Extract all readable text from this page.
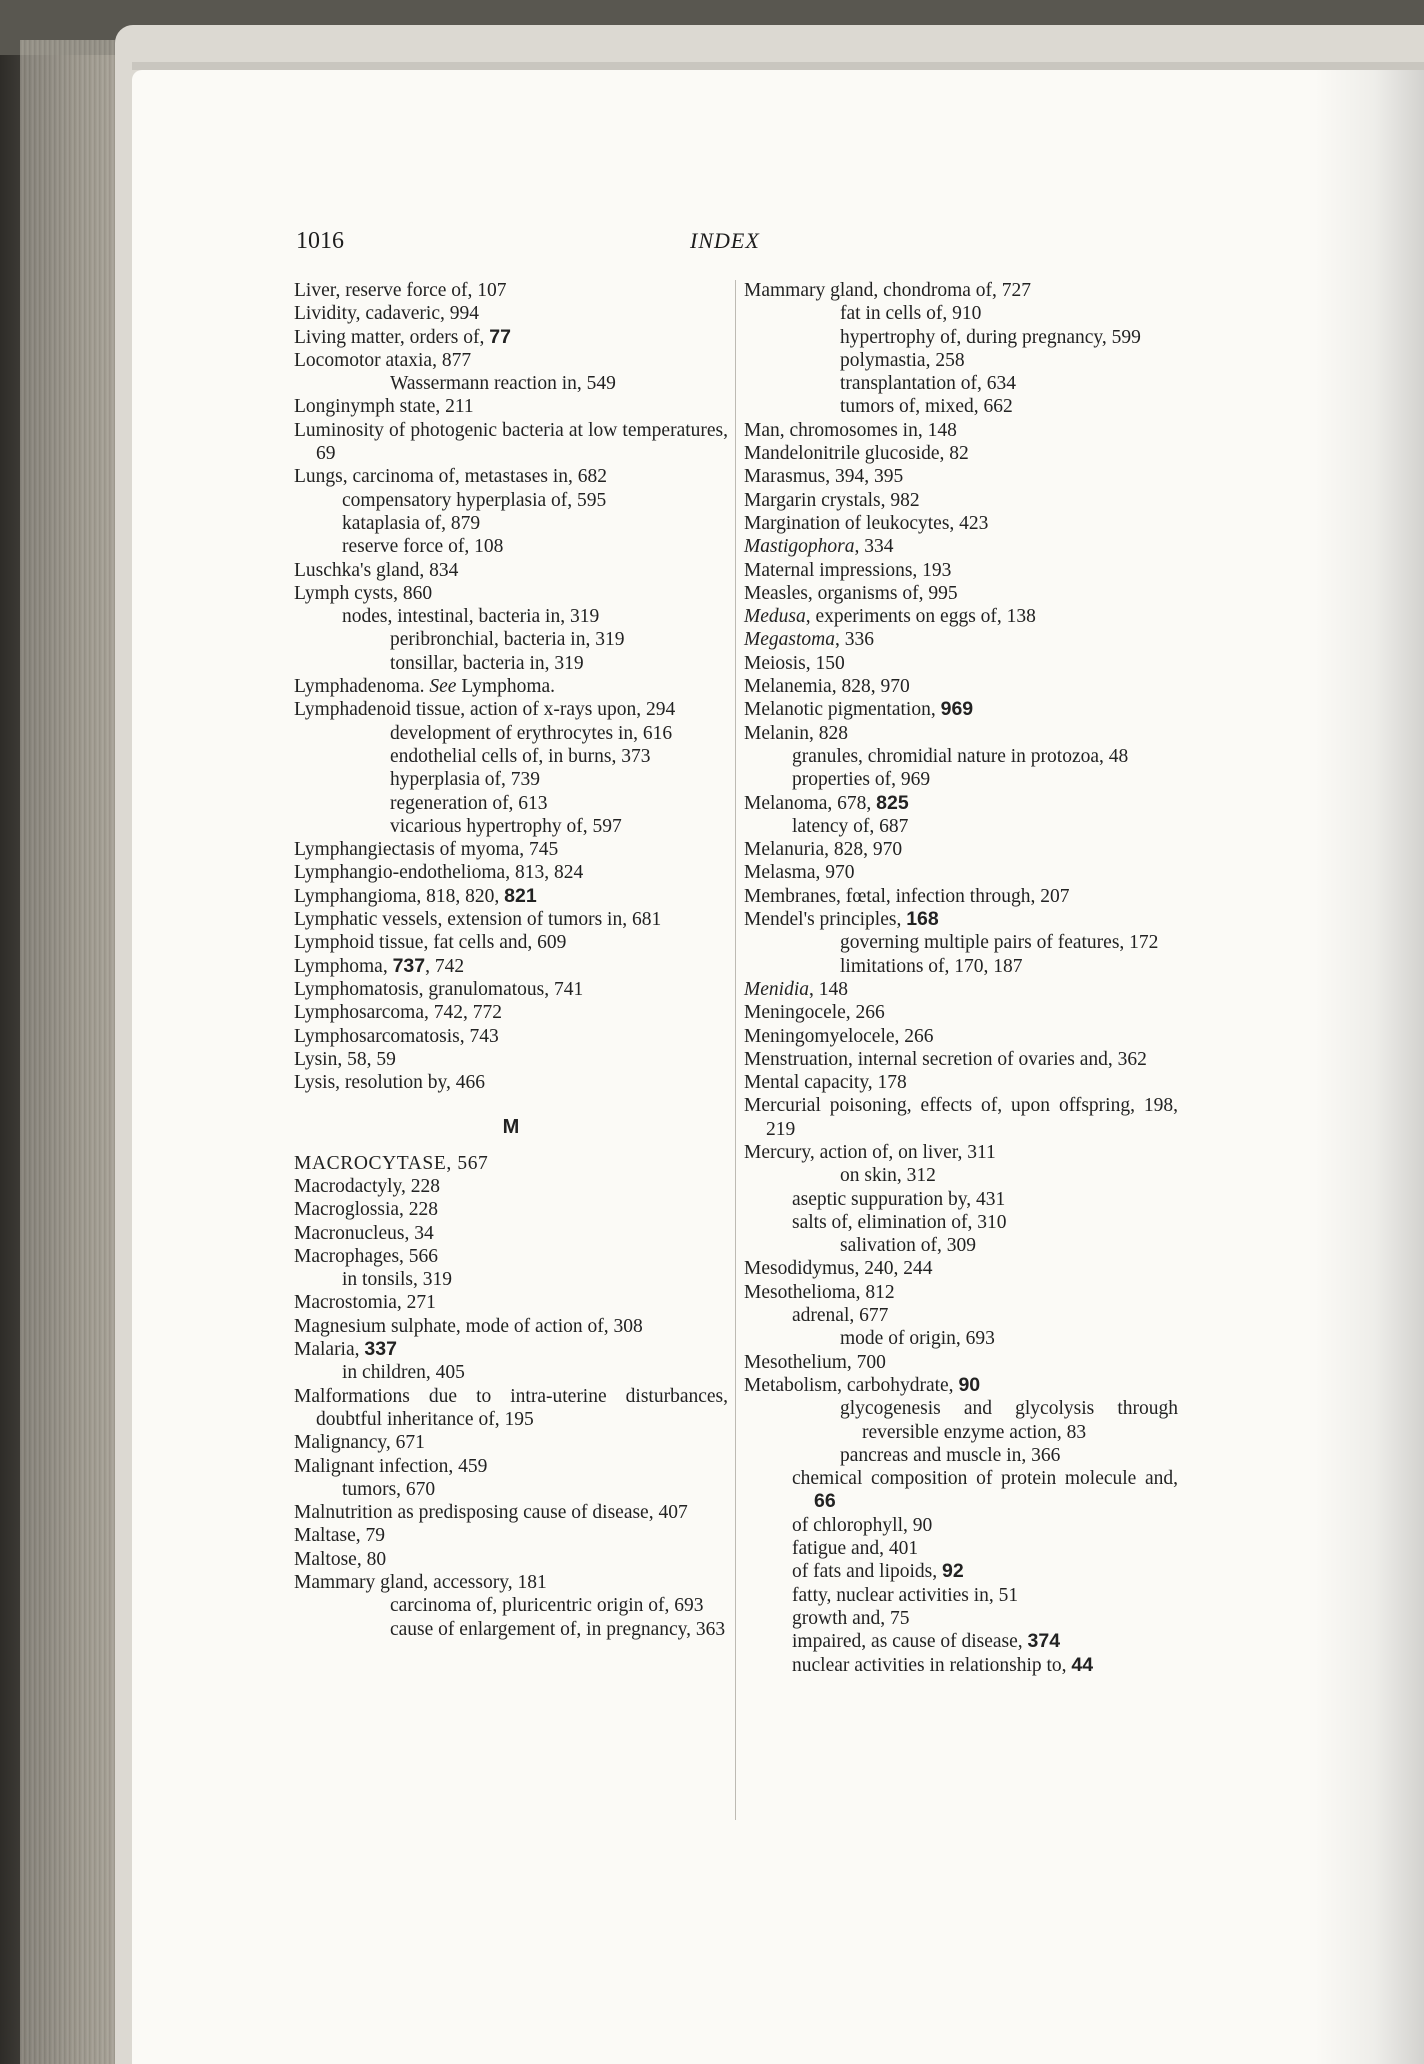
1016	INDEX
Liver, reserve force of, 107
Lividity, cadaveric, 994
Living matter, orders of, 77
Locomotor ataxia, 877
Wassermann reaction in, 549
Longinymph state, 211
Luminosity of photogenic bacteria at low temperatures, 69
Lungs, carcinoma of, metastases in, 682
compensatory hyperplasia of, 595
kataplasia of, 879
reserve force of, 108
Luschka's gland, 834
Lymph cysts, 860
nodes, intestinal, bacteria in, 319
peribronchial, bacteria in, 319
tonsillar, bacteria in, 319
Lymphadenoma. See Lymphoma.
Lymphadenoid tissue, action of x-rays upon, 294
development of erythrocytes in, 616
endothelial cells of, in burns, 373
hyperplasia of, 739
regeneration of, 613
vicarious hypertrophy of, 597
Lymphangiectasis of myoma, 745
Lymphangio-endothelioma, 813, 824
Lymphangioma, 818, 820, 821
Lymphatic vessels, extension of tumors in, 681
Lymphoid tissue, fat cells and, 609
Lymphoma, 737, 742
Lymphomatosis, granulomatous, 741
Lymphosarcoma, 742, 772
Lymphosarcomatosis, 743
Lysin, 58, 59
Lysis, resolution by, 466
M
MACROCYTASE, 567
Macrodactyly, 228
Macroglossia, 228
Macronucleus, 34
Macrophages, 566
in tonsils, 319
Macrostomia, 271
Magnesium sulphate, mode of action of, 308
Malaria, 337
in children, 405
Malformations due to intra-uterine disturbances, doubtful inheritance of, 195
Malignancy, 671
Malignant infection, 459
tumors, 670
Malnutrition as predisposing cause of disease, 407
Maltase, 79
Maltose, 80
Mammary gland, accessory, 181
carcinoma of, pluricentric origin of, 693
cause of enlargement of, in pregnancy, 363
Mammary gland, chondroma of, 727
fat in cells of, 910
hypertrophy of, during pregnancy, 599
polymastia, 258
transplantation of, 634
tumors of, mixed, 662
Man, chromosomes in, 148
Mandelonitrile glucoside, 82
Marasmus, 394, 395
Margarin crystals, 982
Margination of leukocytes, 423
Mastigophora, 334
Maternal impressions, 193
Measles, organisms of, 995
Medusa, experiments on eggs of, 138
Megastoma, 336
Meiosis, 150
Melanemia, 828, 970
Melanotic pigmentation, 969
Melanin, 828
granules, chromidial nature in protozoa, 48
properties of, 969
Melanoma, 678, 825
latency of, 687
Melanuria, 828, 970
Melasma, 970
Membranes, fœtal, infection through, 207
Mendel's principles, 168
governing multiple pairs of features, 172
limitations of, 170, 187
Menidia, 148
Meningocele, 266
Meningomyelocele, 266
Menstruation, internal secretion of ovaries and, 362
Mental capacity, 178
Mercurial poisoning, effects of, upon offspring, 198, 219
Mercury, action of, on liver, 311
on skin, 312
aseptic suppuration by, 431
salts of, elimination of, 310
salivation of, 309
Mesodidymus, 240, 244
Mesothelioma, 812
adrenal, 677
mode of origin, 693
Mesothelium, 700
Metabolism, carbohydrate, 90
glycogenesis and glycolysis through reversible enzyme action, 83
pancreas and muscle in, 366
chemical composition of protein molecule and, 66
of chlorophyll, 90
fatigue and, 401
of fats and lipoids, 92
fatty, nuclear activities in, 51
growth and, 75
impaired, as cause of disease, 374
nuclear activities in relationship to, 44
